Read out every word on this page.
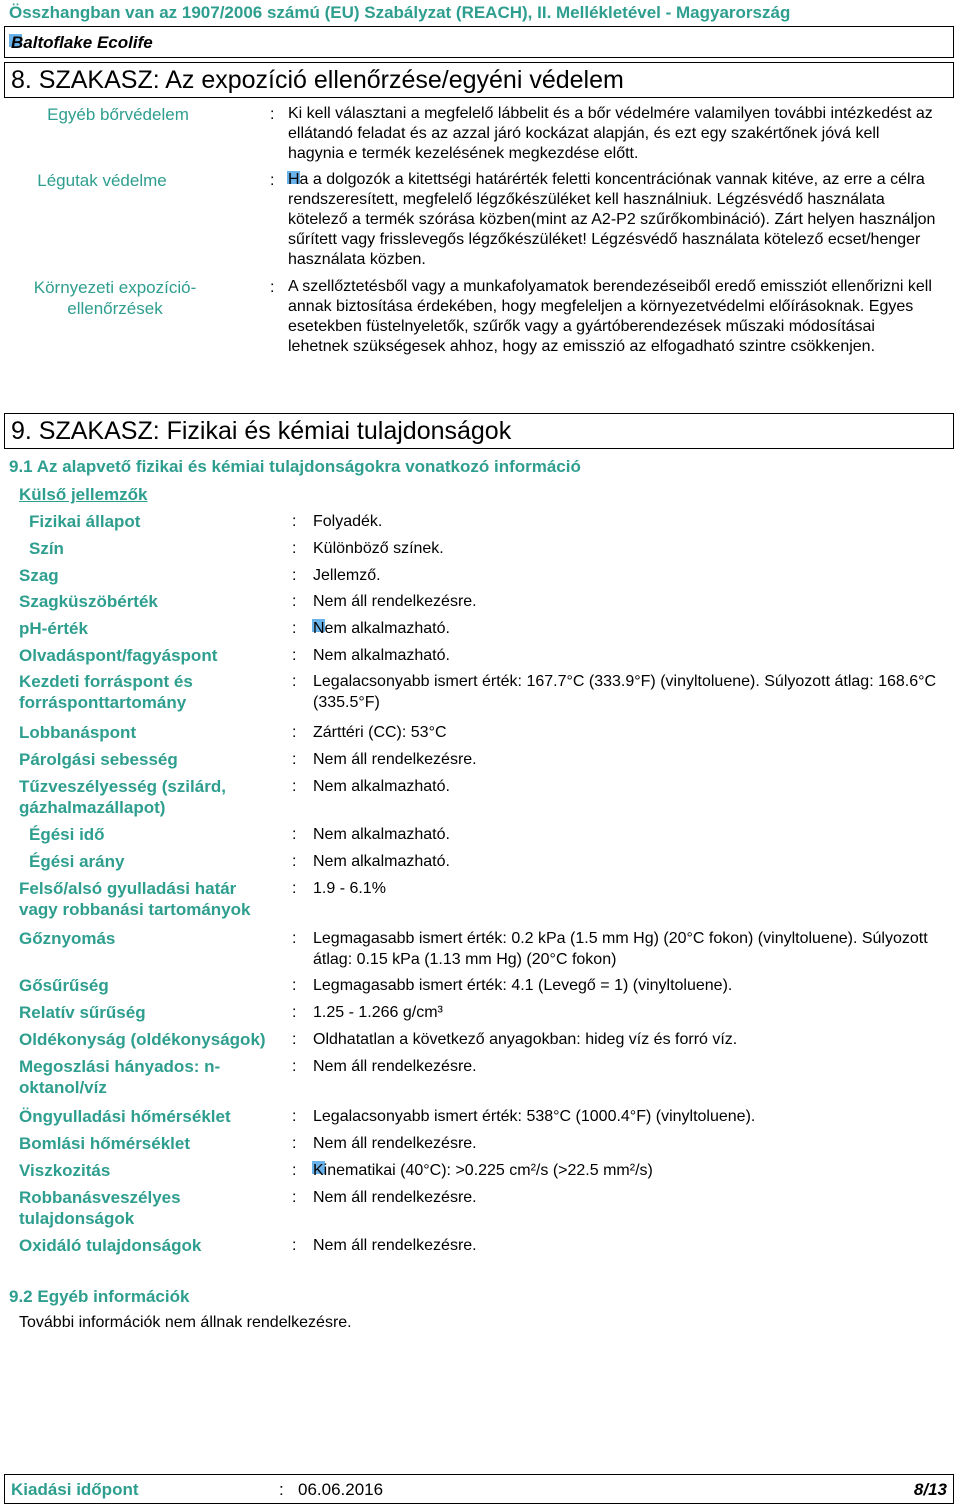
Összhangban van az 1907/2006 számú (EU) Szabályzat (REACH), II. Mellékletével - Magyarország
Baltoflake Ecolife
8. SZAKASZ: Az expozíció ellenőrzése/egyéni védelem
Egyéb bőrvédelem	: Ki kell választani a megfelelő lábbelit és a bőr védelmére valamilyen további intézkedést az ellátandó feladat és az azzal járó kockázat alapján, és ezt egy szakértőnek jóvá kell hagynia e termék kezelésének megkezdése előtt.
Légutak védelme	: Ha a dolgozók a kitettségi határérték feletti koncentrációnak vannak kitéve, az erre a célra rendszeresített, megfelelő légzőkészüléket kell használniuk. Légzésvédő használata kötelező a termék szórása közben(mint az A2-P2 szűrőkombináció). Zárt helyen használjon sűrített vagy frisslevegős légzőkészüléket! Légzésvédő használata kötelező ecset/henger használata közben.
Környezeti expozíció-ellenőrzések
: A szellőztetésből vagy a munkafolyamatok berendezéseiből eredő emissziót ellenőrizni kell annak biztosítása érdekében, hogy megfeleljen a környezetvédelmi előírásoknak. Egyes esetekben füstelnyeletők, szűrők vagy a gyártóberendezések műszaki módosításai lehetnek szükségesek ahhoz, hogy az emisszió az elfogadható szintre csökkenjen.
9. SZAKASZ: Fizikai és kémiai tulajdonságok
9.1 Az alapvető fizikai és kémiai tulajdonságokra vonatkozó információ
Külső jellemzők
Fizikai állapot	: Folyadék.
Szín	: Különböző színek.
Szag	: Jellemző.
Szagküszöbérték	: Nem áll rendelkezésre.
pH-érték	: Nem alkalmazható.
Olvadáspont/fagyáspont	: Nem alkalmazható.
Kezdeti forráspont és forrásponttartomány
: Legalacsonyabb ismert érték: 167.7°C (333.9°F) (vinyltoluene). Súlyozott átlag: 168.6°C (335.5°F)
Lobbanáspont	: Zárttéri (CC): 53°C
Párolgási sebesség	: Nem áll rendelkezésre.
Tűzveszélyesség (szilárd, gázhalmazállapot)
: Nem alkalmazható.
Égési idő	: Nem alkalmazható.
Égési arány	: Nem alkalmazható.
Felső/alsó gyulladási határ vagy robbanási tartományok
: 1.9 - 6.1%
Gőznyomás	: Legmagasabb ismert érték: 0.2 kPa (1.5 mm Hg) (20°C fokon) (vinyltoluene). Súlyozott átlag: 0.15 kPa (1.13 mm Hg) (20°C fokon)
Gősűrűség	: Legmagasabb ismert érték: 4.1 (Levegő = 1) (vinyltoluene).
Relatív sűrűség	: 1.25 - 1.266 g/cm³
Oldékonyság (oldékonyságok) : Oldhatatlan a következő anyagokban: hideg víz és forró víz.
Megoszlási hányados: n-oktanol/víz
: Nem áll rendelkezésre.
Öngyulladási hőmérséklet	: Legalacsonyabb ismert érték: 538°C (1000.4°F) (vinyltoluene).
Bomlási hőmérséklet	: Nem áll rendelkezésre.
Viszkozitás	: Kinematikai (40°C): >0.225 cm²/s (>22.5 mm²/s)
Robbanásveszélyes tulajdonságok
: Nem áll rendelkezésre.
Oxidáló tulajdonságok	: Nem áll rendelkezésre.
9.2 Egyéb információk
További információk nem állnak rendelkezésre.
Kiadási időpont	: 06.06.2016	8/13
